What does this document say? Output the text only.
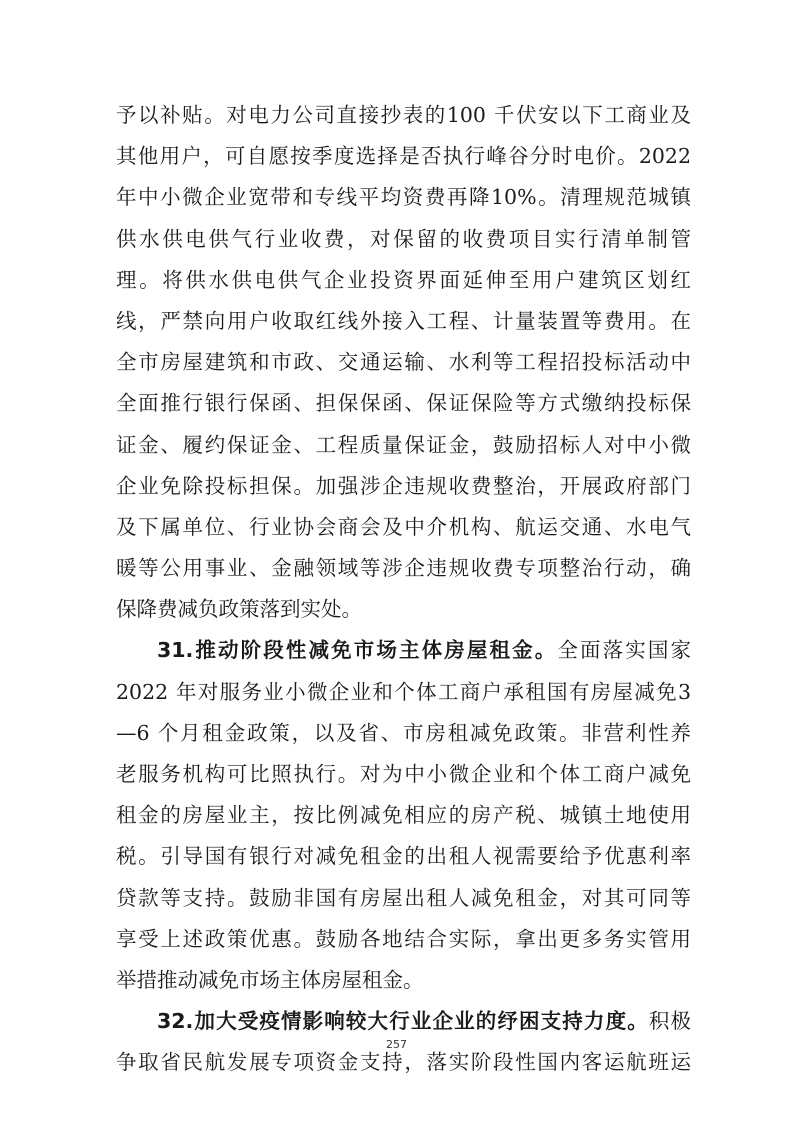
予以补贴。对电力公司直接抄表的100 千伏安以下工商业及
其他用户，可自愿按季度选择是否执行峰谷分时电价。2022
年中小微企业宽带和专线平均资费再降10%。清理规范城镇
供水供电供气行业收费，对保留的收费项目实行清单制管
理。将供水供电供气企业投资界面延伸至用户建筑区划红
线，严禁向用户收取红线外接入工程、计量装置等费用。在
全市房屋建筑和市政、交通运输、水利等工程招投标活动中
全面推行银行保函、担保保函、保证保险等方式缴纳投标保
证金、履约保证金、工程质量保证金，鼓励招标人对中小微
企业免除投标担保。加强涉企违规收费整治，开展政府部门
及下属单位、行业协会商会及中介机构、航运交通、水电气
暖等公用事业、金融领域等涉企违规收费专项整治行动，确
保降费减负政策落到实处。
31.推动阶段性减免市场主体房屋租金。全面落实国家
2022 年对服务业小微企业和个体工商户承租国有房屋减免3
—6 个月租金政策，以及省、市房租减免政策。非营利性养
老服务机构可比照执行。对为中小微企业和个体工商户减免
租金的房屋业主，按比例减免相应的房产税、城镇土地使用
税。引导国有银行对减免租金的出租人视需要给予优惠利率
贷款等支持。鼓励非国有房屋出租人减免租金，对其可同等
享受上述政策优惠。鼓励各地结合实际，拿出更多务实管用
举措推动减免市场主体房屋租金。
32.加大受疫情影响较大行业企业的纾困支持力度。积极
争取省民航发展专项资金支持，落实阶段性国内客运航班运
257
